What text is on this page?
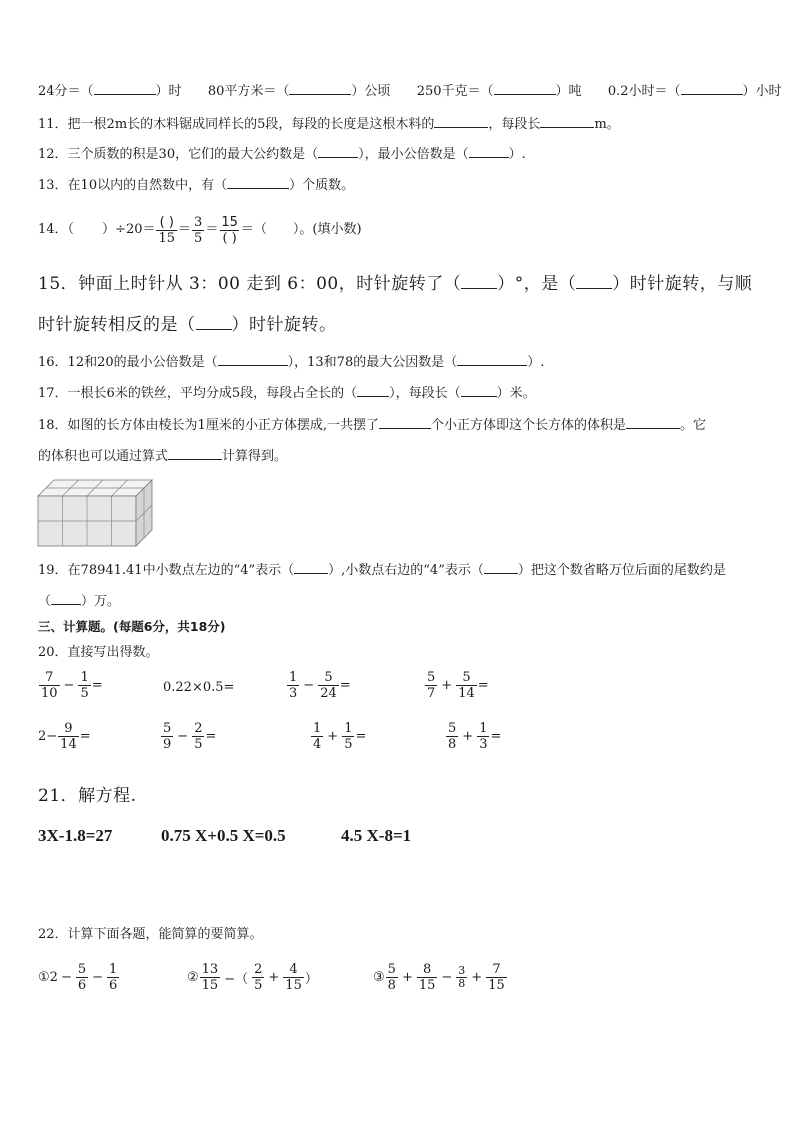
24分＝（	）时 80平方米＝（	）公顷 250千克＝（	）吨 0.2小时＝（	）小时
11．把一根2m长的木料锯成同样长的5段，每段的长度是这根木料的	，每段长	m。
12．三个质数的积是30，它们的最大公约数是（	），最小公倍数是（	）.
13．在10以内的自然数中，有（	）个质数。
14．（ ）$\div 20= \frac{( )}{15} = \frac{3}{5} = \frac{15}{( )}$ ＝（　　）。(填小数)
15．钟面上时针从 3：00 走到 6：00，时针旋转了（ ）°，是（ ）时针旋转，与顺
时针旋转相反的是（ ）时针旋转。
16．12和20的最小公倍数是（	），13和78的最大公因数是（	）.
17．一根长6米的铁丝，平均分成5段，每段占全长的（ ），每段长（	）米。
18．如图的长方体由棱长为1厘米的小正方体摆成,一共摆了	个小正方体即这个长方体的体积是	。它
的体积也可以通过算式	计算得到。
19．在78941.41中小数点左边的“4”表示（	）,小数点右边的“4”表示（	）把这个数省略万位后面的尾数约是
（ ）万。
三、计算题。(每题6分，共18分)
20．直接写出得数。
$\frac{7}{10} - \frac{1}{5}$ =	0.22×0.5=	$\frac{1}{3} - \frac{5}{24}$ =	$\frac{5}{7} + \frac{5}{14}$ =
$2- \frac{9}{14}$ =	$\frac{5}{9} - \frac{2}{5}$ =	$\frac{1}{4} + \frac{1}{5}$ =	$\frac{5}{8} + \frac{1}{3}$ =
21．解方程.
3X-1.8=27	0.75 X+0.5 X=0.5	4.5 X-8=1
22．计算下面各题，能简算的要简算。
①2 − $\frac{5}{6} - \frac{1}{6}$	② $\frac{13}{15}$ −（ $\frac{2}{5} + \frac{4}{15}$ ）	③ $\frac{5}{8} + \frac{8}{15} - \frac{3}{8} + \frac{7}{15}$
